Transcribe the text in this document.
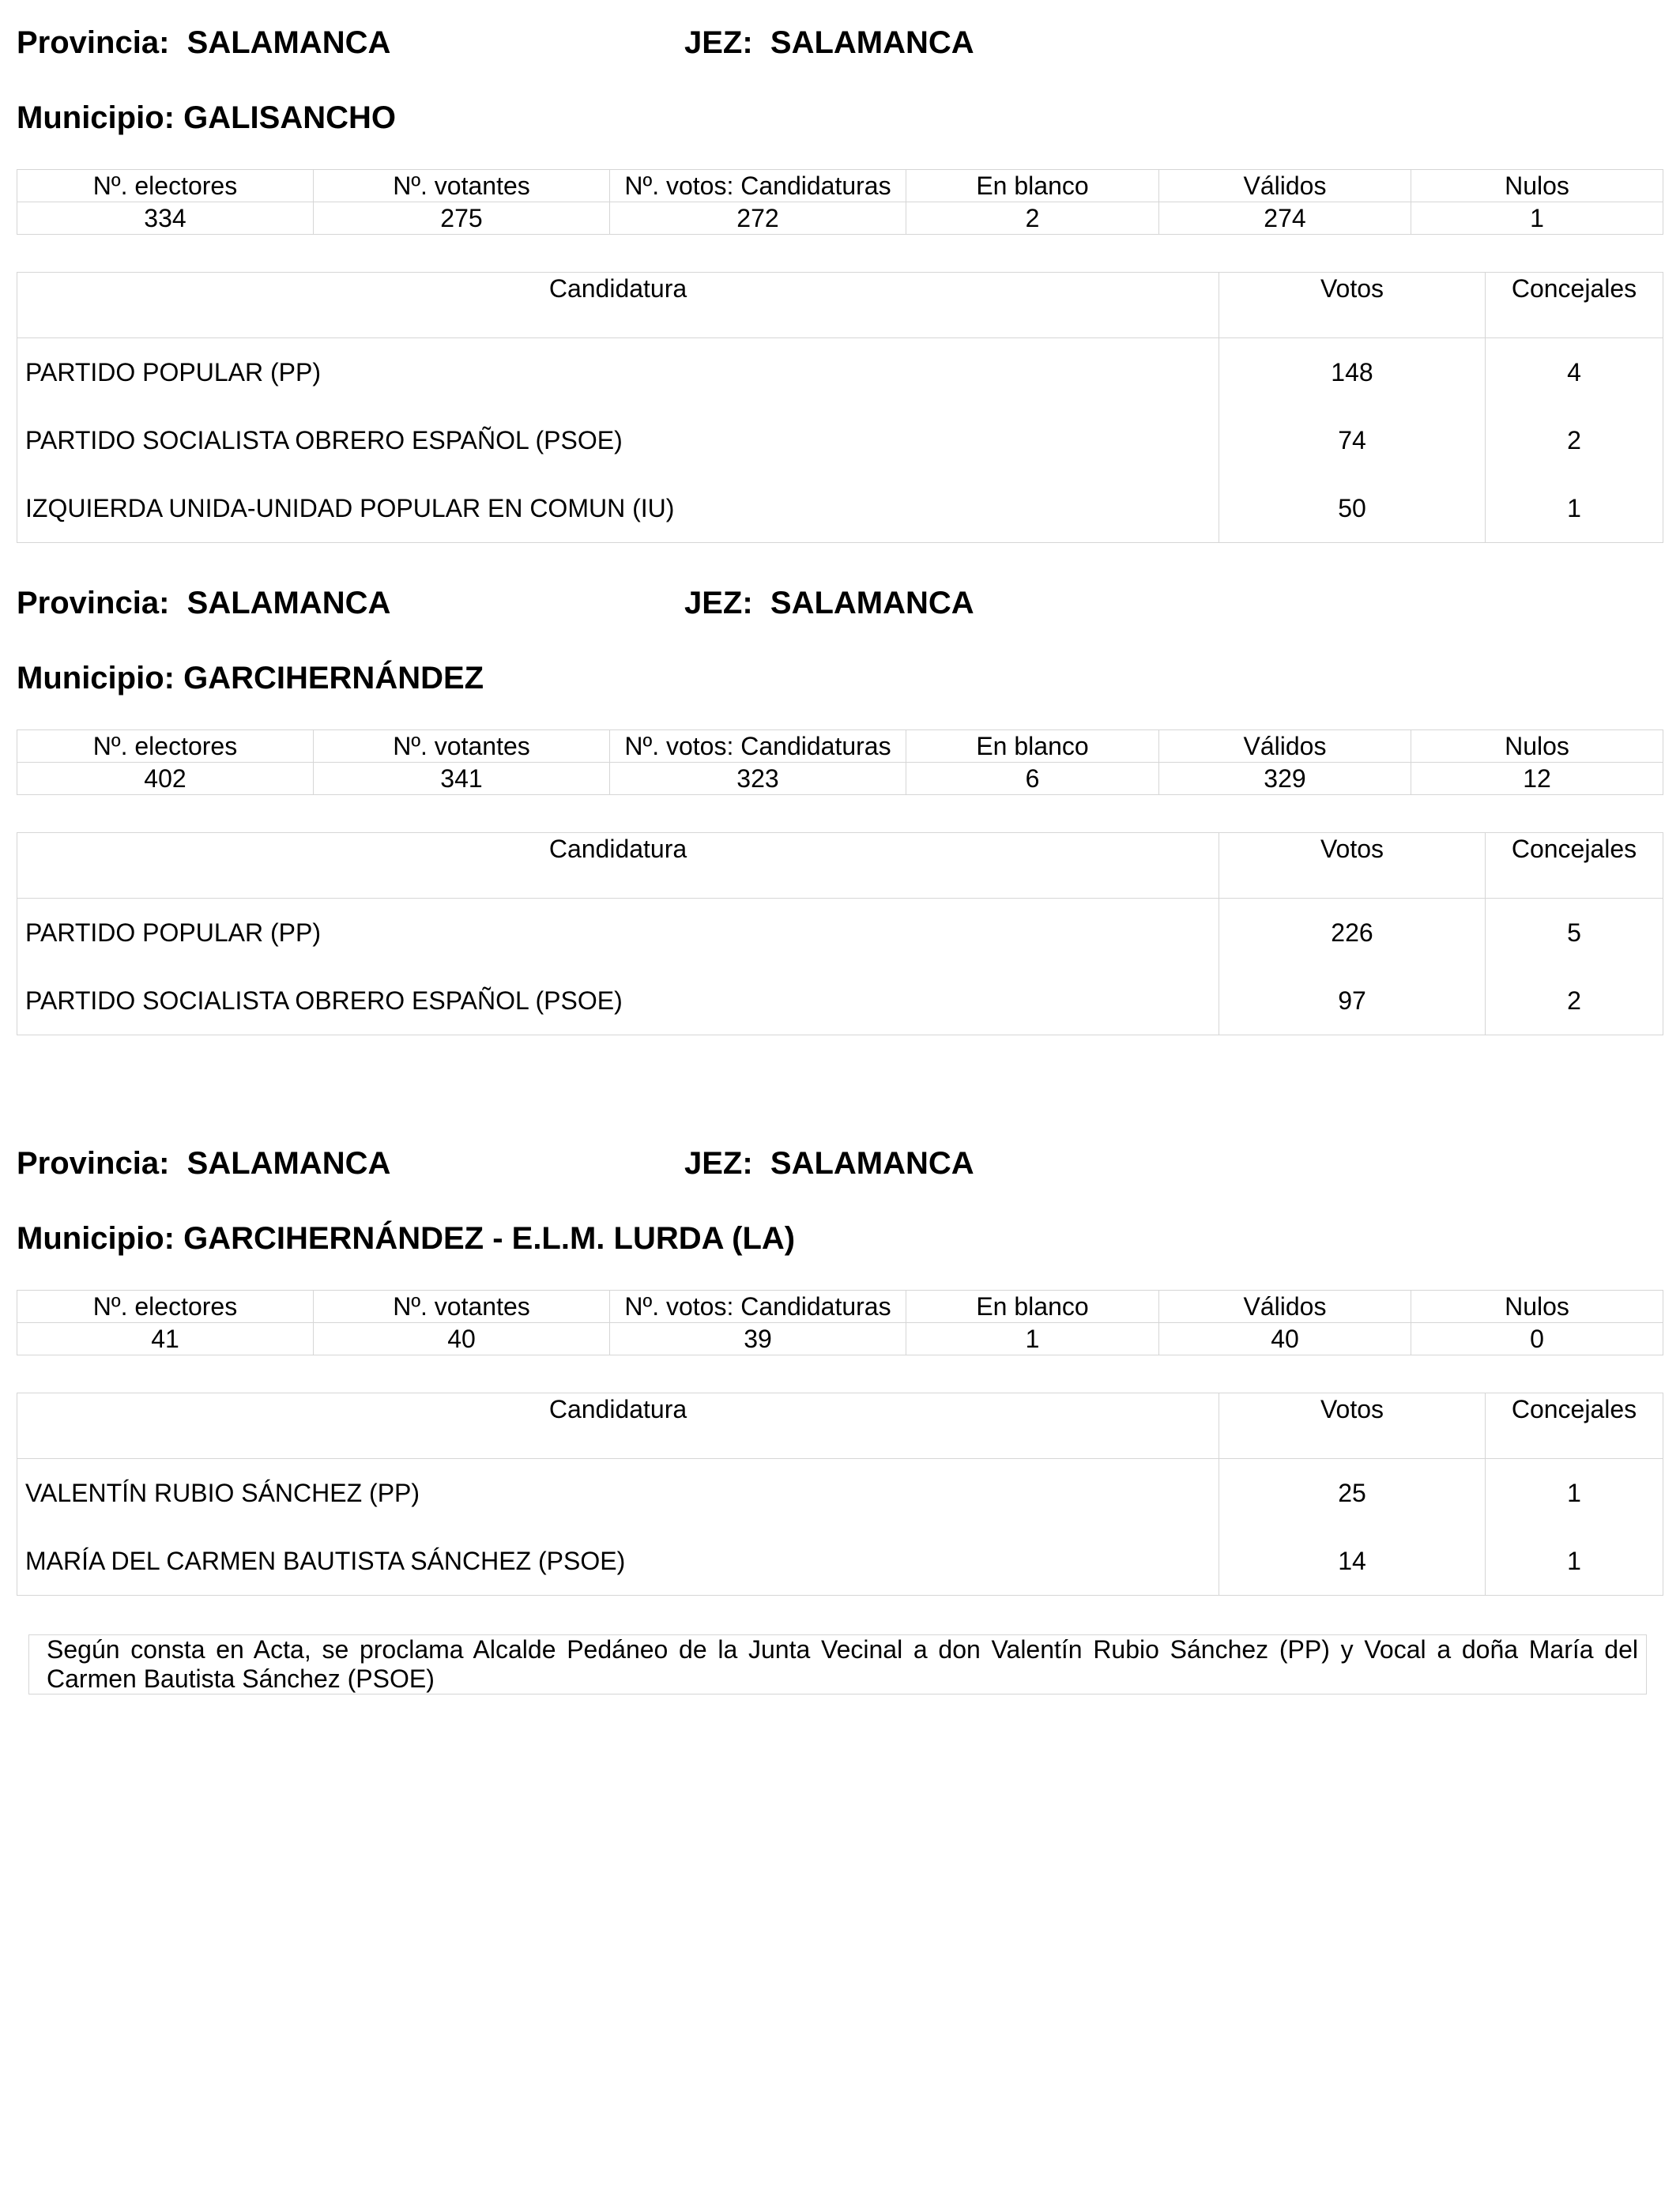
Provincia: SALAMANCA	JEZ: SALAMANCA
Municipio: GALISANCHO
Nº. electores	Nº. votantes	Nº. votos: Candidaturas	En blanco	Válidos	Nulos
334	275	272	2	274	1
Candidatura	Votos	Concejales
PARTIDO POPULAR (PP)	148	4
PARTIDO SOCIALISTA OBRERO ESPAÑOL (PSOE)	74	2
IZQUIERDA UNIDA-UNIDAD POPULAR EN COMUN (IU)	50	1
Provincia: SALAMANCA	JEZ: SALAMANCA
Municipio: GARCIHERNÁNDEZ
Nº. electores	Nº. votantes	Nº. votos: Candidaturas	En blanco	Válidos	Nulos
402	341	323	6	329	12
Candidatura	Votos	Concejales
PARTIDO POPULAR (PP)	226	5
PARTIDO SOCIALISTA OBRERO ESPAÑOL (PSOE)	97	2
Provincia: SALAMANCA	JEZ: SALAMANCA
Municipio: GARCIHERNÁNDEZ - E.L.M. LURDA (LA)
Nº. electores	Nº. votantes	Nº. votos: Candidaturas	En blanco	Válidos	Nulos
41	40	39	1	40	0
Candidatura	Votos	Concejales
VALENTÍN RUBIO SÁNCHEZ (PP)	25	1
MARÍA DEL CARMEN BAUTISTA SÁNCHEZ (PSOE)	14	1
Según consta en Acta, se proclama Alcalde Pedáneo de la Junta Vecinal a don Valentín Rubio Sánchez (PP) y Vocal a doña María del Carmen Bautista Sánchez (PSOE)
